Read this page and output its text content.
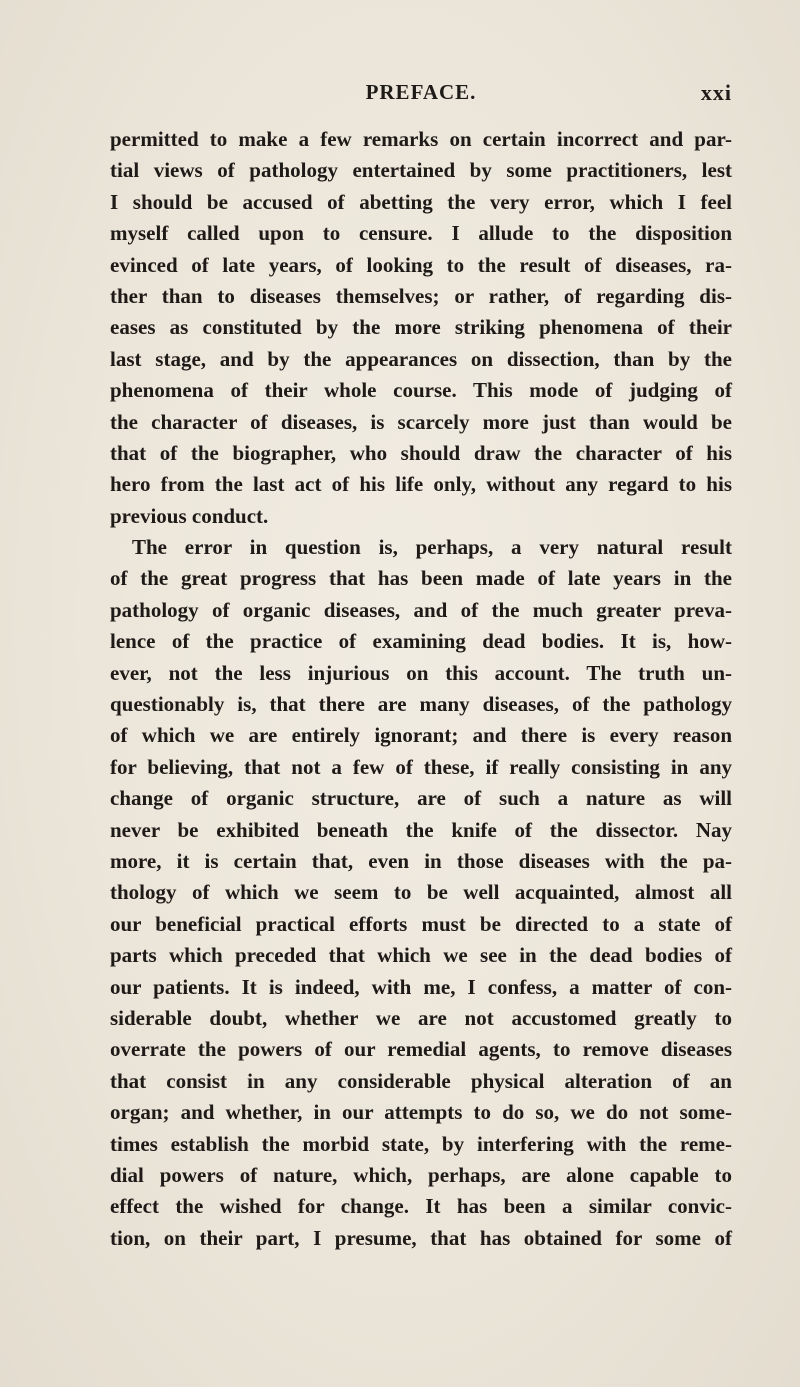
PREFACE.	xxi
permitted to make a few remarks on certain incorrect and par-
tial views of pathology entertained by some practitioners, lest
I should be accused of abetting the very error, which I feel
myself called upon to censure. I allude to the disposition
evinced of late years, of looking to the result of diseases, ra-
ther than to diseases themselves; or rather, of regarding dis-
eases as constituted by the more striking phenomena of their
last stage, and by the appearances on dissection, than by the
phenomena of their whole course. This mode of judging of
the character of diseases, is scarcely more just than would be
that of the biographer, who should draw the character of his
hero from the last act of his life only, without any regard to his
previous conduct.
The error in question is, perhaps, a very natural result
of the great progress that has been made of late years in the
pathology of organic diseases, and of the much greater preva-
lence of the practice of examining dead bodies. It is, how-
ever, not the less injurious on this account. The truth un-
questionably is, that there are many diseases, of the pathology
of which we are entirely ignorant; and there is every reason
for believing, that not a few of these, if really consisting in any
change of organic structure, are of such a nature as will
never be exhibited beneath the knife of the dissector. Nay
more, it is certain that, even in those diseases with the pa-
thology of which we seem to be well acquainted, almost all
our beneficial practical efforts must be directed to a state of
parts which preceded that which we see in the dead bodies of
our patients. It is indeed, with me, I confess, a matter of con-
siderable doubt, whether we are not accustomed greatly to
overrate the powers of our remedial agents, to remove diseases
that consist in any considerable physical alteration of an
organ; and whether, in our attempts to do so, we do not some-
times establish the morbid state, by interfering with the reme-
dial powers of nature, which, perhaps, are alone capable to
effect the wished for change. It has been a similar convic-
tion, on their part, I presume, that has obtained for some of
